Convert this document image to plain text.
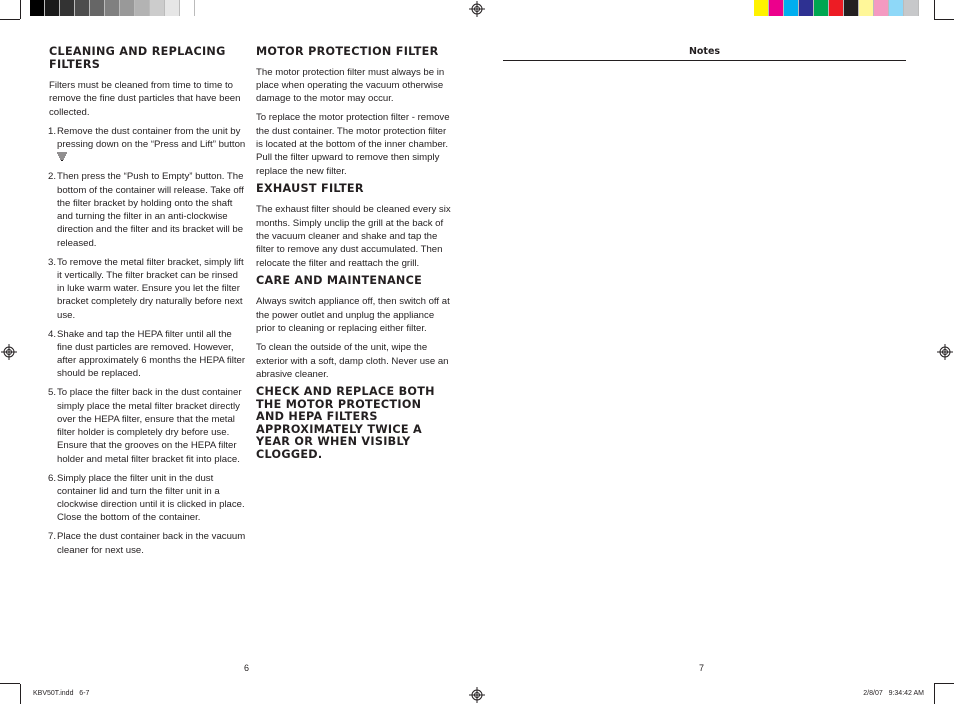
CLEANING AND REPLACING FILTERS

Filters must be cleaned from time to time to remove the fine dust particles that have been collected.

1. Remove the dust container from the unit by pressing down on the “Press and Lift” button
2. Then press the “Push to Empty” button. The bottom of the container will release. Take off the filter bracket by holding onto the shaft and turning the filter in an anti-clockwise direction and the filter and its bracket will be released.
3. To remove the metal filter bracket, simply lift it vertically. The filter bracket can be rinsed in luke warm water. Ensure you let the filter bracket completely dry naturally before next use.
4. Shake and tap the HEPA filter until all the fine dust particles are removed. However, after approximately 6 months the HEPA filter should be replaced.
5. To place the filter back in the dust container simply place the metal filter bracket directly over the HEPA filter, ensure that the metal filter holder is completely dry before use. Ensure that the grooves on the HEPA filter holder and metal filter bracket fit into place.
6. Simply place the filter unit in the dust container lid and turn the filter unit in a clockwise direction until it is clicked in place. Close the bottom of the container.
7. Place the dust container back in the vacuum cleaner for next use.
MOTOR PROTECTION FILTER

The motor protection filter must always be in place when operating the vacuum otherwise damage to the motor may occur.

To replace the motor protection filter - remove the dust container. The motor protection filter is located at the bottom of the inner chamber. Pull the filter upward to remove then simply replace the new filter.

EXHAUST FILTER

The exhaust filter should be cleaned every six months. Simply unclip the grill at the back of the vacuum cleaner and shake and tap the filter to remove any dust accumulated. Then relocate the filter and reattach the grill.

CARE AND MAINTENANCE

Always switch appliance off, then switch off at the power outlet and unplug the appliance prior to cleaning or replacing either filter.

To clean the outside of the unit, wipe the exterior with a soft, damp cloth. Never use an abrasive cleaner.

CHECK AND REPLACE BOTH THE MOTOR PROTECTION AND HEPA FILTERS APPROXIMATELY TWICE A YEAR OR WHEN VISIBLY CLOGGED.
Notes
6	7
KBV50T.indd   6-7	2/8/07   9:34:42 AM
